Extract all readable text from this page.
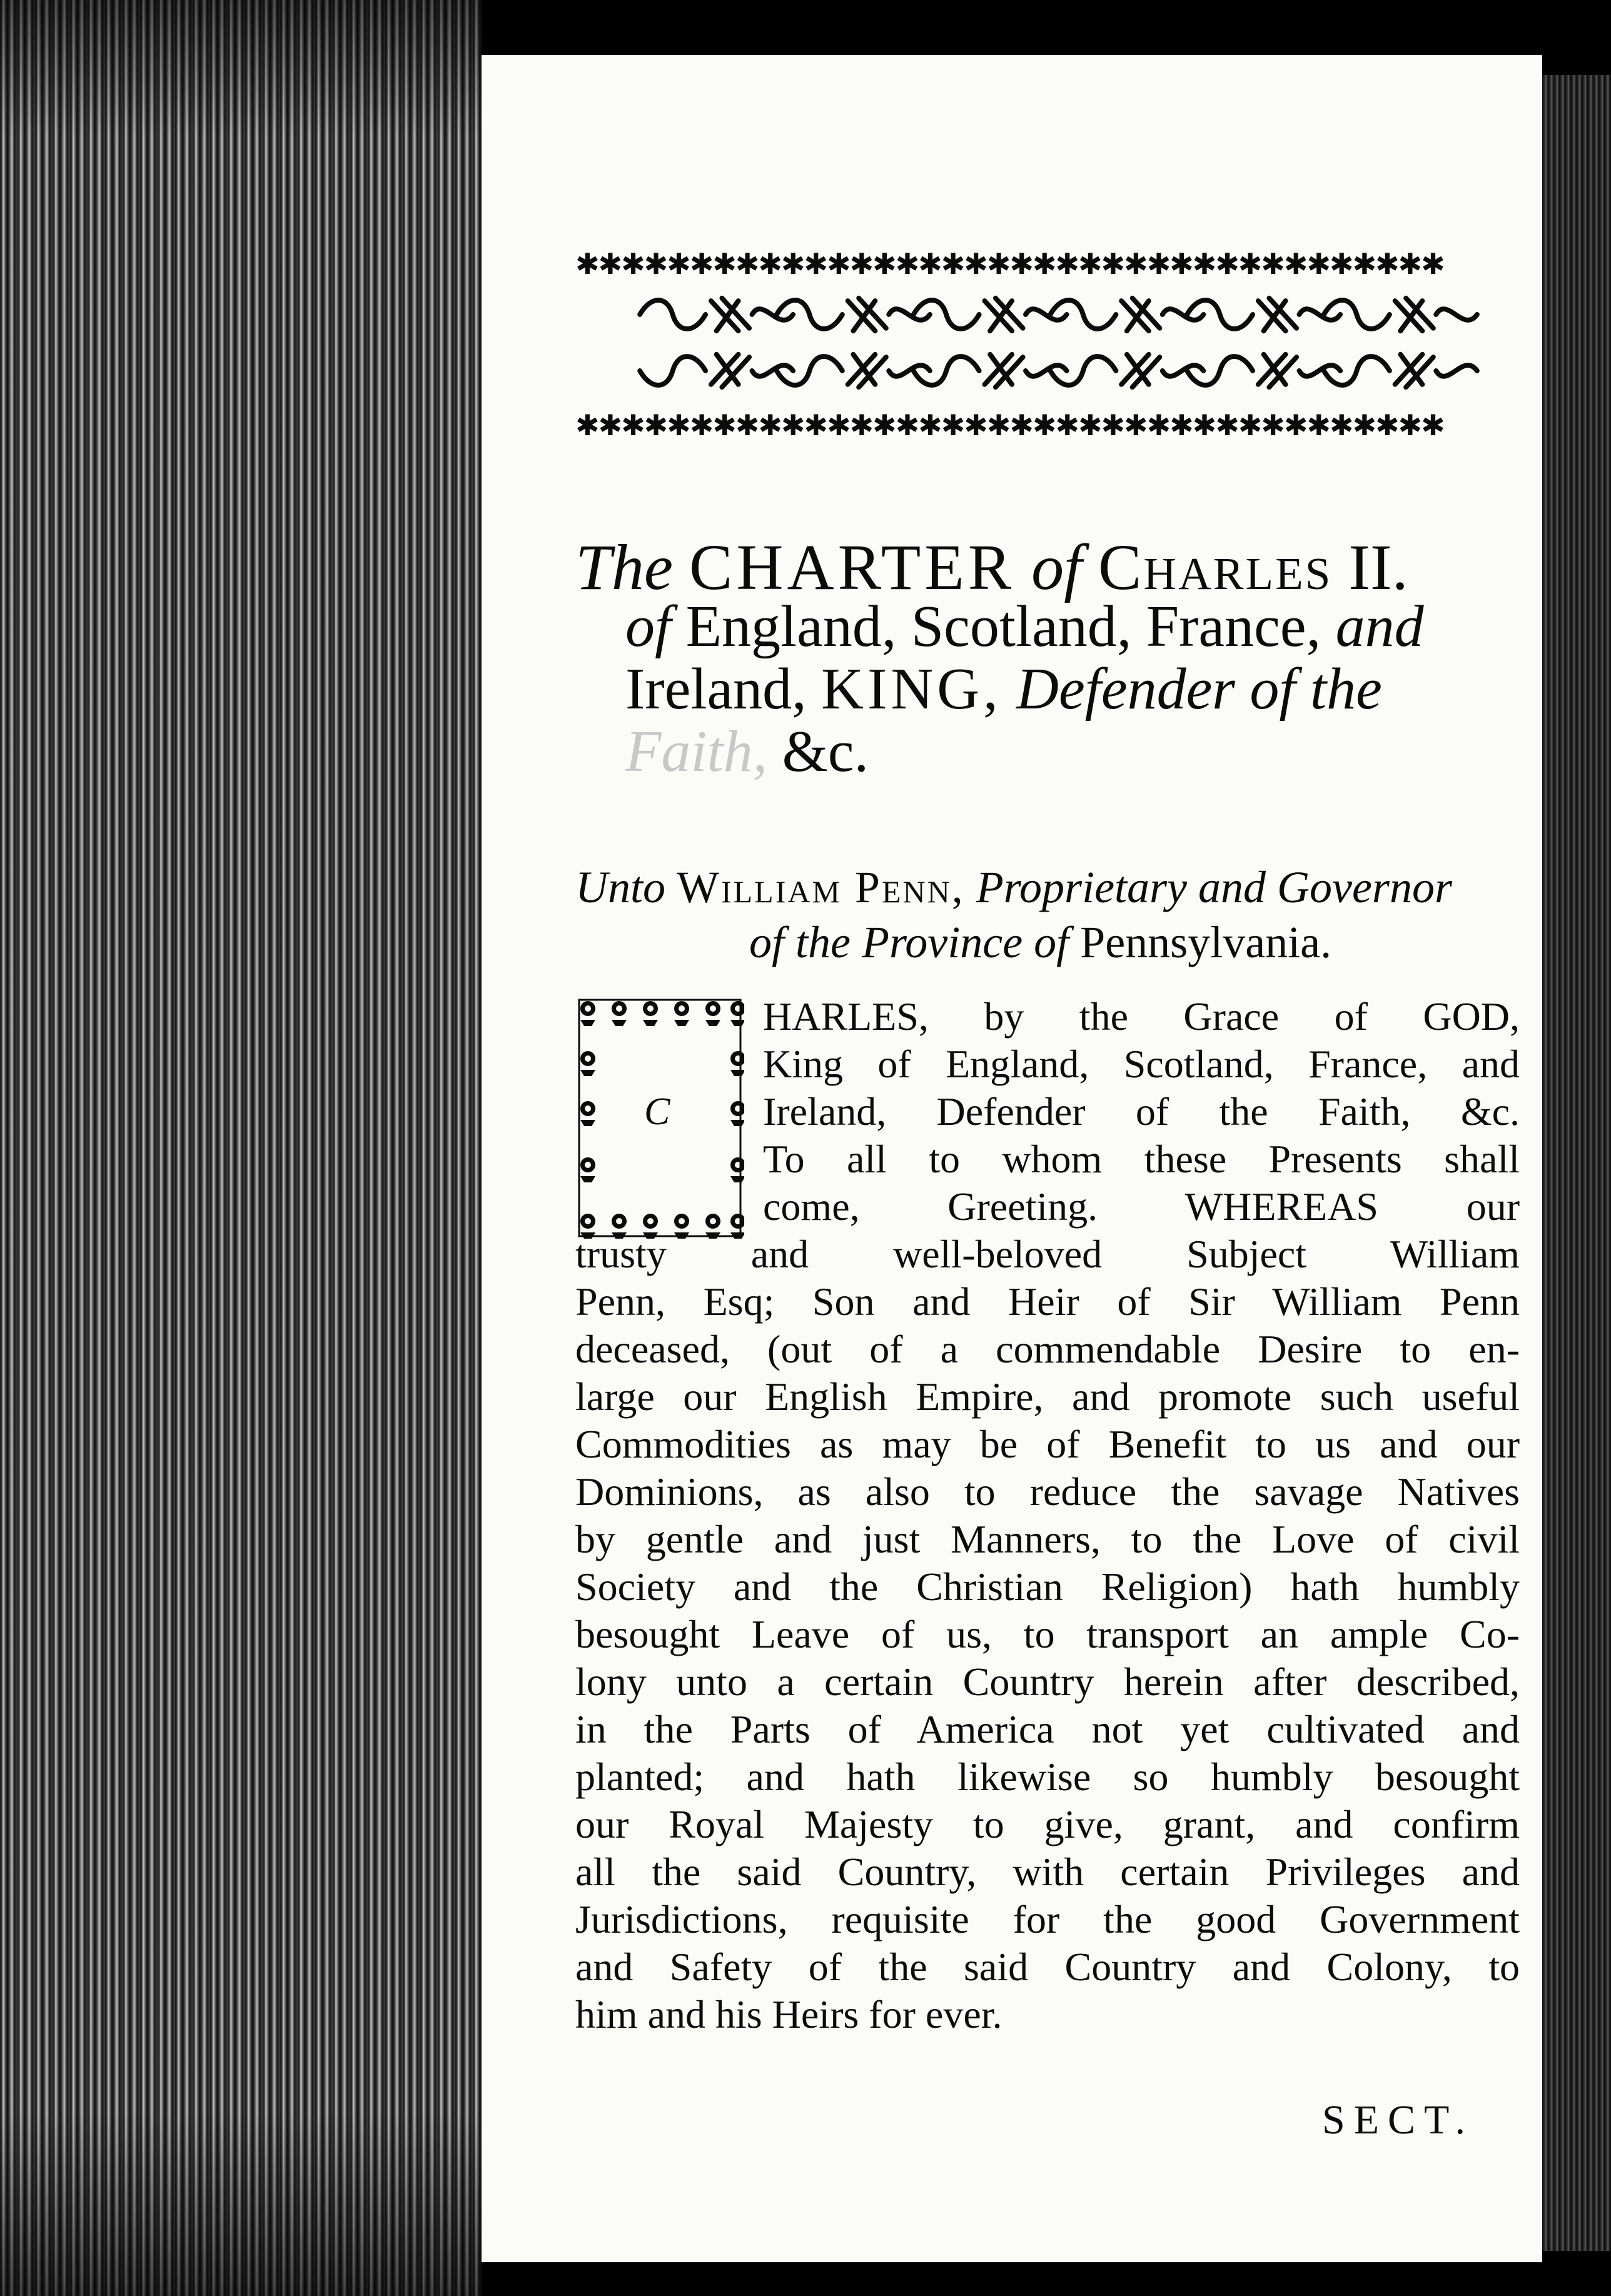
✱✱✱✱✱✱✱✱✱✱✱✱✱✱✱✱✱✱✱✱✱✱✱✱✱✱✱✱✱✱✱✱✱✱✱✱✱✱
✱✱✱✱✱✱✱✱✱✱✱✱✱✱✱✱✱✱✱✱✱✱✱✱✱✱✱✱✱✱✱✱✱✱✱✱✱✱
The CHARTER of Charles II.
of England, Scotland, France, and
Ireland, KING, Defender of the
Faith, &c.
Unto William Penn, Proprietary and Governor
of the Province of Pennsylvania.
C
HARLES, by the Grace of GOD,
King of England, Scotland, France, and
Ireland, Defender of the Faith, &c.
To all to whom these Presents shall
come, Greeting. WHEREAS our
trusty and well-beloved Subject William
Penn, Esq; Son and Heir of Sir William Penn
deceased, (out of a commendable Desire to en-
large our English Empire, and promote such useful
Commodities as may be of Benefit to us and our
Dominions, as also to reduce the savage Natives
by gentle and just Manners, to the Love of civil
Society and the Christian Religion) hath humbly
besought Leave of us, to transport an ample Co-
lony unto a certain Country herein after described,
in the Parts of America not yet cultivated and
planted; and hath likewise so humbly besought
our Royal Majesty to give, grant, and confirm
all the said Country, with certain Privileges and
Jurisdictions, requisite for the good Government
and Safety of the said Country and Colony, to
him and his Heirs for ever.
SECT.
